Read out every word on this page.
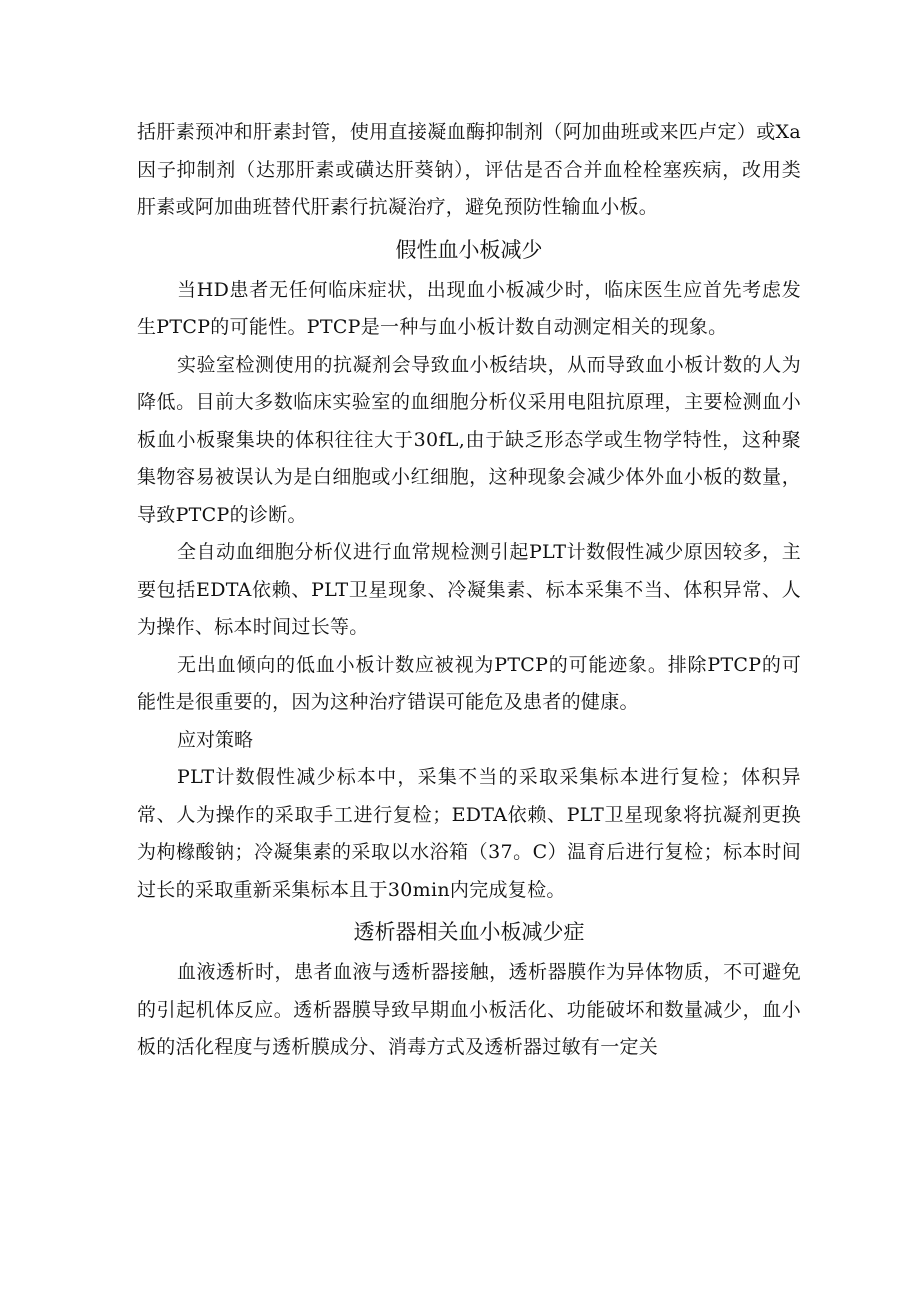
括肝素预冲和肝素封管，使用直接凝血酶抑制剂（阿加曲班或来匹卢定）或Xa因子抑制剂（达那肝素或磺达肝葵钠），评估是否合并血栓栓塞疾病，改用类肝素或阿加曲班替代肝素行抗凝治疗，避免预防性输血小板。

假性血小板减少

当HD患者无任何临床症状，出现血小板减少时，临床医生应首先考虑发生PTCP的可能性。PTCP是一种与血小板计数自动测定相关的现象。

实验室检测使用的抗凝剂会导致血小板结块，从而导致血小板计数的人为降低。目前大多数临床实验室的血细胞分析仪采用电阻抗原理，主要检测血小板血小板聚集块的体积往往大于30fL,由于缺乏形态学或生物学特性，这种聚集物容易被误认为是白细胞或小红细胞，这种现象会减少体外血小板的数量，导致PTCP的诊断。

全自动血细胞分析仪进行血常规检测引起PLT计数假性减少原因较多，主要包括EDTA依赖、PLT卫星现象、冷凝集素、标本采集不当、体积异常、人为操作、标本时间过长等。

无出血倾向的低血小板计数应被视为PTCP的可能迹象。排除PTCP的可能性是很重要的，因为这种治疗错误可能危及患者的健康。

应对策略

PLT计数假性减少标本中，采集不当的采取采集标本进行复检；体积异常、人为操作的采取手工进行复检；EDTA依赖、PLT卫星现象将抗凝剂更换为枸橼酸钠；冷凝集素的采取以水浴箱（37。C）温育后进行复检；标本时间过长的采取重新采集标本且于30min内完成复检。

透析器相关血小板减少症

血液透析时，患者血液与透析器接触，透析器膜作为异体物质，不可避免的引起机体反应。透析器膜导致早期血小板活化、功能破坏和数量减少，血小板的活化程度与透析膜成分、消毒方式及透析器过敏有一定关
